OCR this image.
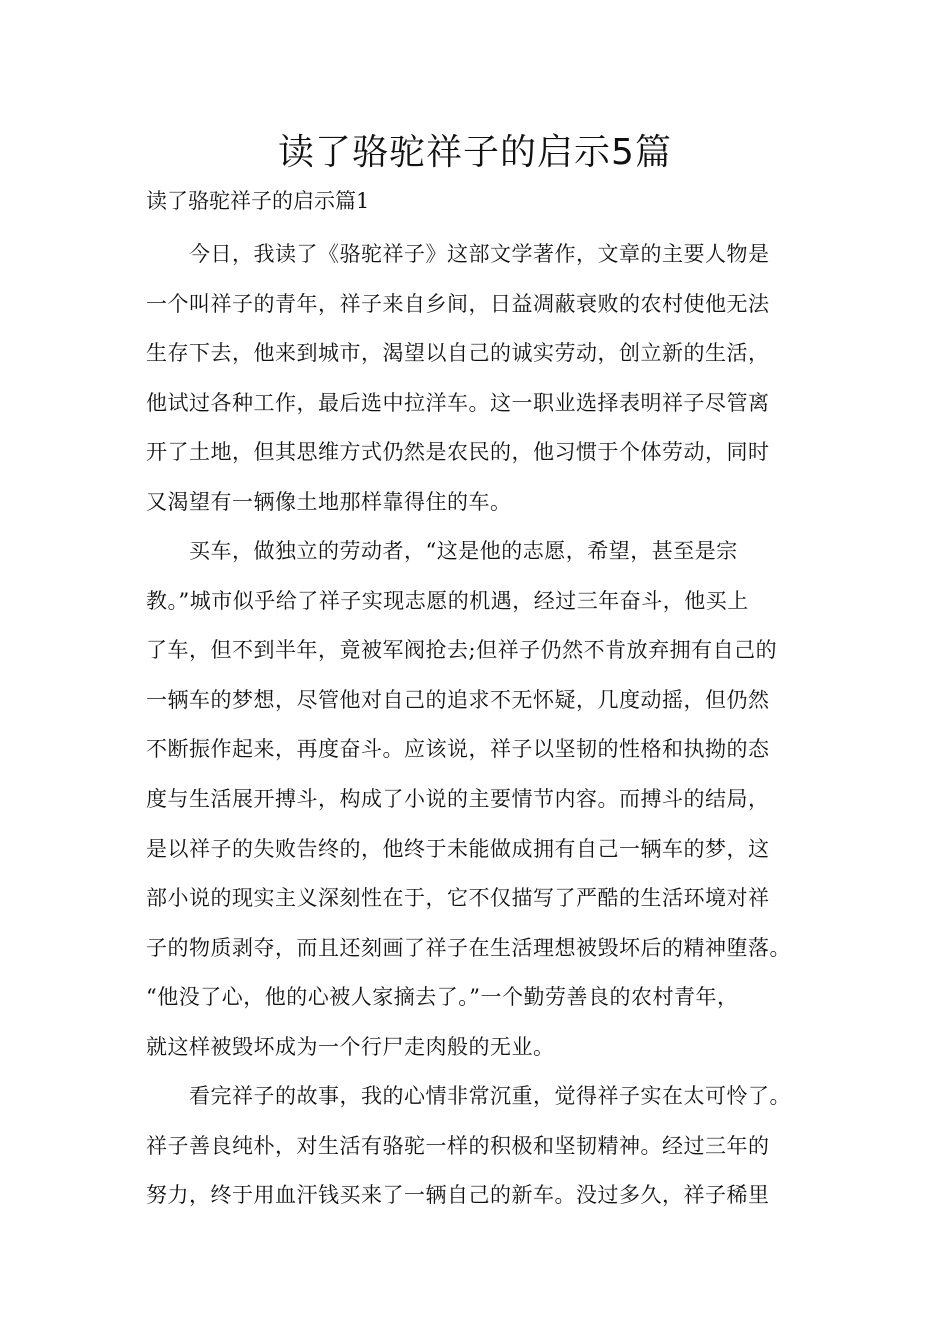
读了骆驼祥子的启示5篇
读了骆驼祥子的启示篇1

　　今日，我读了《骆驼祥子》这部文学著作，文章的主要人物是
一个叫祥子的青年，祥子来自乡间，日益凋蔽衰败的农村使他无法
生存下去，他来到城市，渴望以自己的诚实劳动，创立新的生活，
他试过各种工作，最后选中拉洋车。这一职业选择表明祥子尽管离
开了土地，但其思维方式仍然是农民的，他习惯于个体劳动，同时
又渴望有一辆像土地那样靠得住的车。

　　买车，做独立的劳动者，“这是他的志愿，希望，甚至是宗
教。”城市似乎给了祥子实现志愿的机遇，经过三年奋斗，他买上
了车，但不到半年，竟被军阀抢去;但祥子仍然不肯放弃拥有自己的
一辆车的梦想，尽管他对自己的追求不无怀疑，几度动摇，但仍然
不断振作起来，再度奋斗。应该说，祥子以坚韧的性格和执拗的态
度与生活展开搏斗，构成了小说的主要情节内容。而搏斗的结局，
是以祥子的失败告终的，他终于未能做成拥有自己一辆车的梦，这
部小说的现实主义深刻性在于，它不仅描写了严酷的生活环境对祥
子的物质剥夺，而且还刻画了祥子在生活理想被毁坏后的精神堕落。
“他没了心，他的心被人家摘去了。”一个勤劳善良的农村青年，
就这样被毁坏成为一个行尸走肉般的无业。

　　看完祥子的故事，我的心情非常沉重，觉得祥子实在太可怜了。
祥子善良纯朴，对生活有骆驼一样的积极和坚韧精神。经过三年的
努力，终于用血汗钱买来了一辆自己的新车。没过多久，祥子稀里
